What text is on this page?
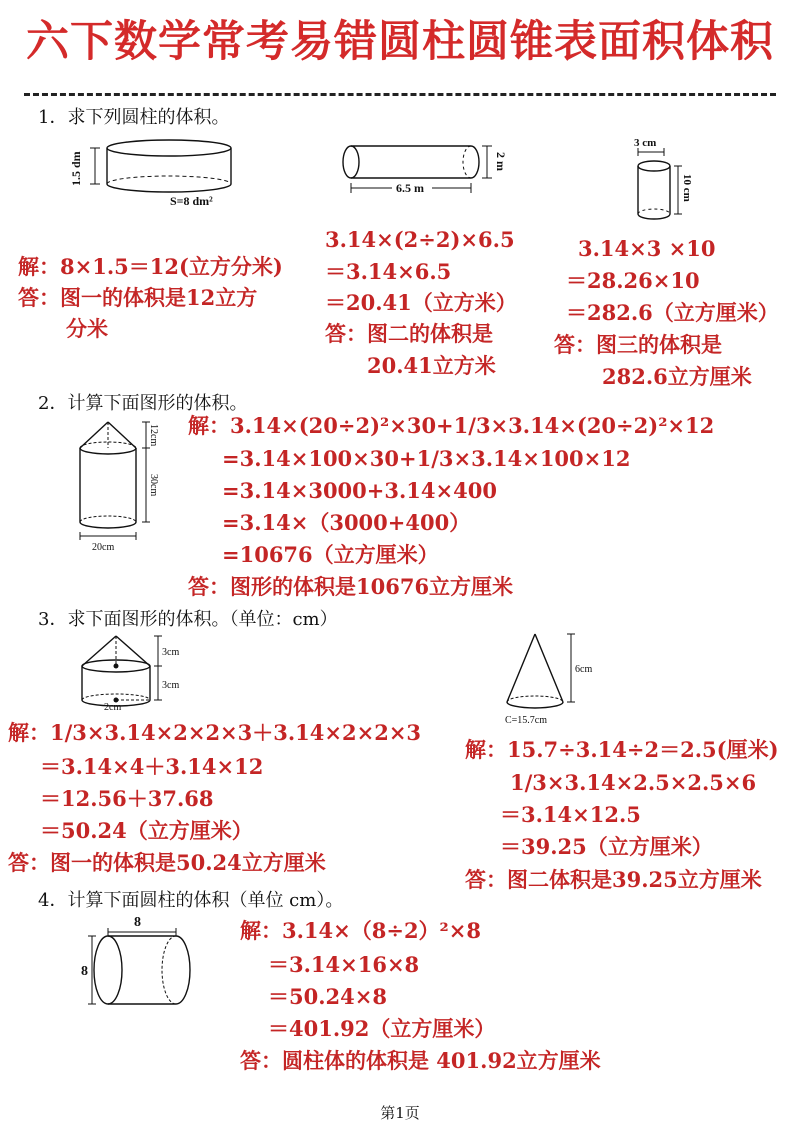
六下数学常考易错圆柱圆锥表面积体积
1．求下列圆柱的体积。
1.5 dm
S=8 dm²
2 m
6.5 m
3 cm
10 cm
解：8×1.5＝12(立方分米)
答：图一的体积是12立方
分米
3.14×(2÷2)×6.5
＝3.14×6.5
＝20.41（立方米）
答：图二的体积是
20.41立方米
3.14×3 ×10
＝28.26×10
＝282.6（立方厘米）
答：图三的体积是
282.6立方厘米
2．计算下面图形的体积。
12cm
30cm
20cm
解：3.14×(20÷2)²×30+1/3×3.14×(20÷2)²×12
=3.14×100×30+1/3×3.14×100×12
=3.14×3000+3.14×400
=3.14×（3000+400）
=10676（立方厘米）
答：图形的体积是10676立方厘米
3．求下面图形的体积。（单位：cm）
2cm
3cm
3cm
6cm
C=15.7cm
解：1/3×3.14×2×2×3＋3.14×2×2×3
＝3.14×4＋3.14×12
＝12.56＋37.68
＝50.24（立方厘米）
答：图一的体积是50.24立方厘米
解：15.7÷3.14÷2＝2.5(厘米)
1/3×3.14×2.5×2.5×6
＝3.14×12.5
＝39.25（立方厘米）
答：图二体积是39.25立方厘米
4．计算下面圆柱的体积（单位 cm）。
8
8
解：3.14×（8÷2）²×8
＝3.14×16×8
＝50.24×8
＝401.92（立方厘米）
答：圆柱体的体积是 401.92立方厘米
第1页
